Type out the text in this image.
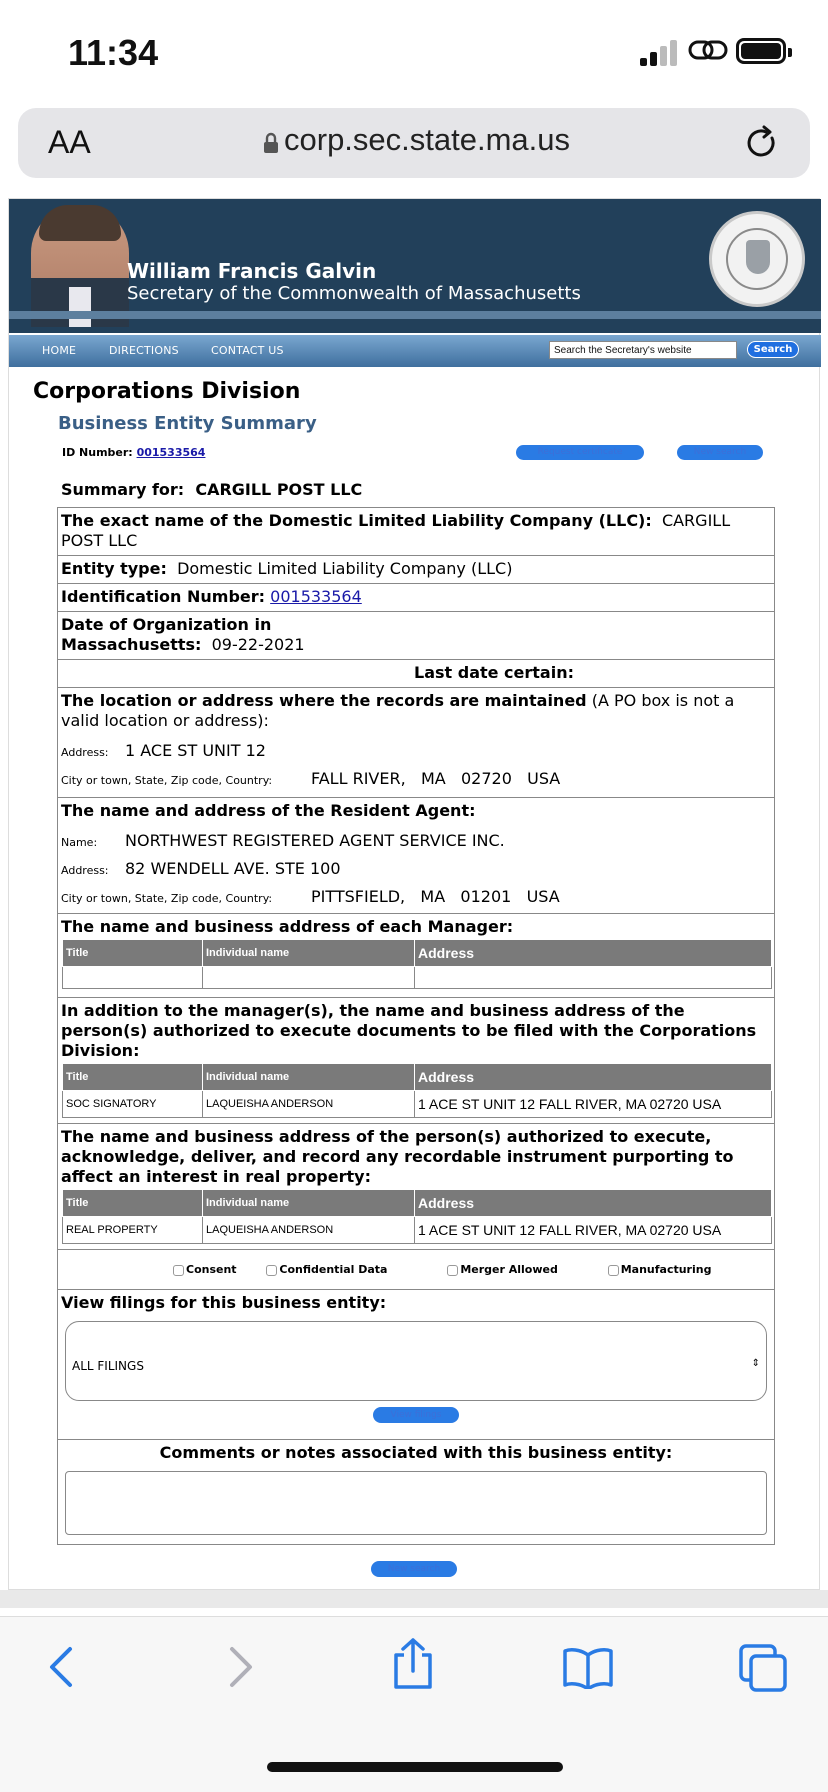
11:34
AA	corp.sec.state.ma.us
William Francis Galvin
Secretary of the Commonwealth of Massachusetts
HOME	DIRECTIONS	CONTACT US
Search the Secretary's website	Search
Corporations Division
Business Entity Summary
ID Number: 001533564	Request certificate	New search
Summary for: CARGILL POST LLC
The exact name of the Domestic Limited Liability Company (LLC): CARGILL POST LLC
Entity type: Domestic Limited Liability Company (LLC)
Identification Number: 001533564
Date of Organization in
Massachusetts: 09-22-2021
Last date certain:
The location or address where the records are maintained (A PO box is not a valid location or address):
Address: 1 ACE ST UNIT 12
City or town, State, Zip code, Country: FALL RIVER, MA 02720 USA
The name and address of the Resident Agent:
Name: NORTHWEST REGISTERED AGENT SERVICE INC.
Address: 82 WENDELL AVE. STE 100
City or town, State, Zip code, Country: PITTSFIELD, MA 01201 USA
The name and business address of each Manager:
Title	Individual name	Address

In addition to the manager(s), the name and business address of the person(s) authorized to execute documents to be filed with the Corporations Division:
Title	Individual name	Address
SOC SIGNATORY	LAQUEISHA ANDERSON	1 ACE ST UNIT 12 FALL RIVER, MA 02720 USA
The name and business address of the person(s) authorized to execute, acknowledge, deliver, and record any recordable instrument purporting to affect an interest in real property:
Title	Individual name	Address
REAL PROPERTY	LAQUEISHA ANDERSON	1 ACE ST UNIT 12 FALL RIVER, MA 02720 USA
Consent	Confidential Data	Merger Allowed	Manufacturing
View filings for this business entity:
ALL FILINGS	⇕
View filings
Comments or notes associated with this business entity:
New search
